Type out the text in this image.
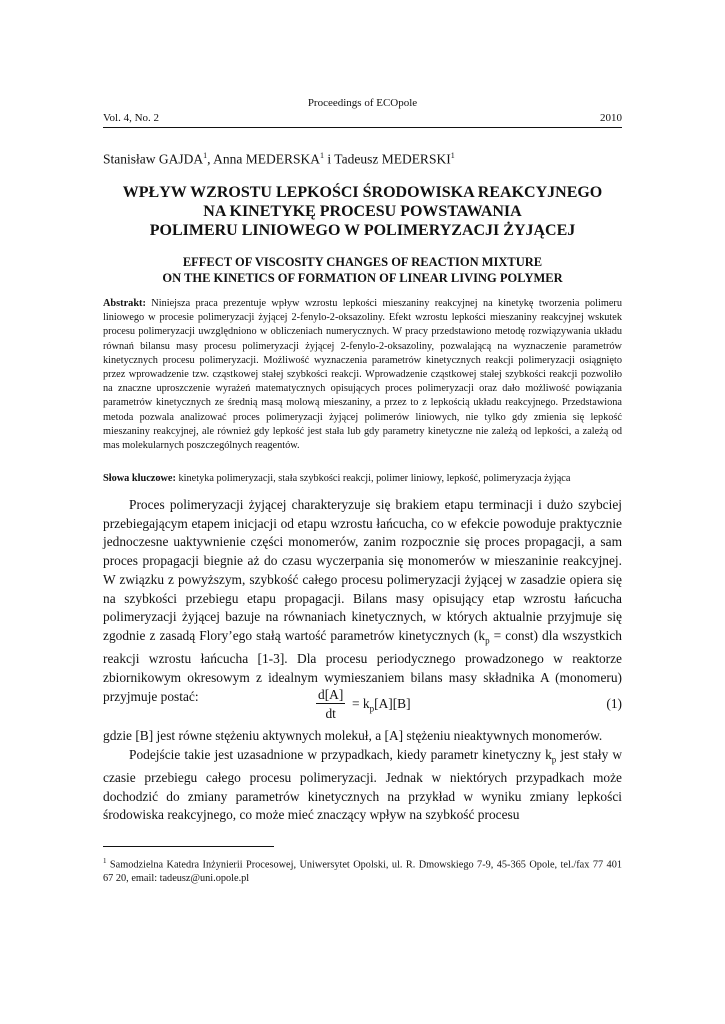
Proceedings of ECOpole
Vol. 4, No. 2	2010
Stanisław GAJDA$^1$, Anna MEDERSKA$^1$ i Tadeusz MEDERSKI$^1$
WPŁYW WZROSTU LEPKOŚCI ŚRODOWISKA REAKCYJNEGO
NA KINETYKĘ PROCESU POWSTAWANIA
POLIMERU LINIOWEGO W POLIMERYZACJI ŻYJĄCEJ
EFFECT OF VISCOSITY CHANGES OF REACTION MIXTURE
ON THE KINETICS OF FORMATION OF LINEAR LIVING POLYMER
Abstrakt: Niniejsza praca prezentuje wpływ wzrostu lepkości mieszaniny reakcyjnej na kinetykę tworzenia polimeru liniowego w procesie polimeryzacji żyjącej 2-fenylo-2-oksazoliny. Efekt wzrostu lepkości mieszaniny reakcyjnej wskutek procesu polimeryzacji uwzględniono w obliczeniach numerycznych. W pracy przedstawiono metodę rozwiązywania układu równań bilansu masy procesu polimeryzacji żyjącej 2-fenylo-2-oksazoliny, pozwalającą na wyznaczenie parametrów kinetycznych procesu polimeryzacji. Możliwość wyznaczenia parametrów kinetycznych reakcji polimeryzacji osiągnięto przez wprowadzenie tzw. cząstkowej stałej szybkości reakcji. Wprowadzenie cząstkowej stałej szybkości reakcji pozwoliło na znaczne uproszczenie wyrażeń matematycznych opisujących proces polimeryzacji oraz dało możliwość powiązania parametrów kinetycznych ze średnią masą molową mieszaniny, a przez to z lepkością układu reakcyjnego. Przedstawiona metoda pozwala analizować proces polimeryzacji żyjącej polimerów liniowych, nie tylko gdy zmienia się lepkość mieszaniny reakcyjnej, ale również gdy lepkość jest stała lub gdy parametry kinetyczne nie zależą od lepkości, a zależą od mas molekularnych poszczególnych reagentów.
Słowa kluczowe: kinetyka polimeryzacji, stała szybkości reakcji, polimer liniowy, lepkość, polimeryzacja żyjąca

Proces polimeryzacji żyjącej charakteryzuje się brakiem etapu terminacji i dużo szybciej przebiegającym etapem inicjacji od etapu wzrostu łańcucha, co w efekcie powoduje praktycznie jednoczesne uaktywnienie części monomerów, zanim rozpocznie się proces propagacji, a sam proces propagacji biegnie aż do czasu wyczerpania się monomerów w mieszaninie reakcyjnej. W związku z powyższym, szybkość całego procesu polimeryzacji żyjącej w zasadzie opiera się na szybkości przebiegu etapu propagacji. Bilans masy opisujący etap wzrostu łańcucha polimeryzacji żyjącej bazuje na równaniach kinetycznych, w których aktualnie przyjmuje się zgodnie z zasadą Flory’ego stałą wartość parametrów kinetycznych ($k_p$ = const) dla wszystkich reakcji wzrostu łańcucha [1-3]. Dla procesu periodycznego prowadzonego w reaktorze zbiornikowym okresowym z idealnym wymieszaniem bilans masy składnika A (monomeru) przyjmuje postać:	$\frac{d[A]}{dt} = k_p[A][B]$	(1)

gdzie [B] jest równe stężeniu aktywnych molekuł, a [A] stężeniu nieaktywnych monomerów.

Podejście takie jest uzasadnione w przypadkach, kiedy parametr kinetyczny $k_p$ jest stały w czasie przebiegu całego procesu polimeryzacji. Jednak w niektórych przypadkach może dochodzić do zmiany parametrów kinetycznych na przykład w wyniku zmiany lepkości środowiska reakcyjnego, co może mieć znaczący wpływ na szybkość procesu

$^1$ Samodzielna Katedra Inżynierii Procesowej, Uniwersytet Opolski, ul. R. Dmowskiego 7-9, 45-365 Opole, tel./fax 77 401 67 20, email: tadeusz@uni.opole.pl
